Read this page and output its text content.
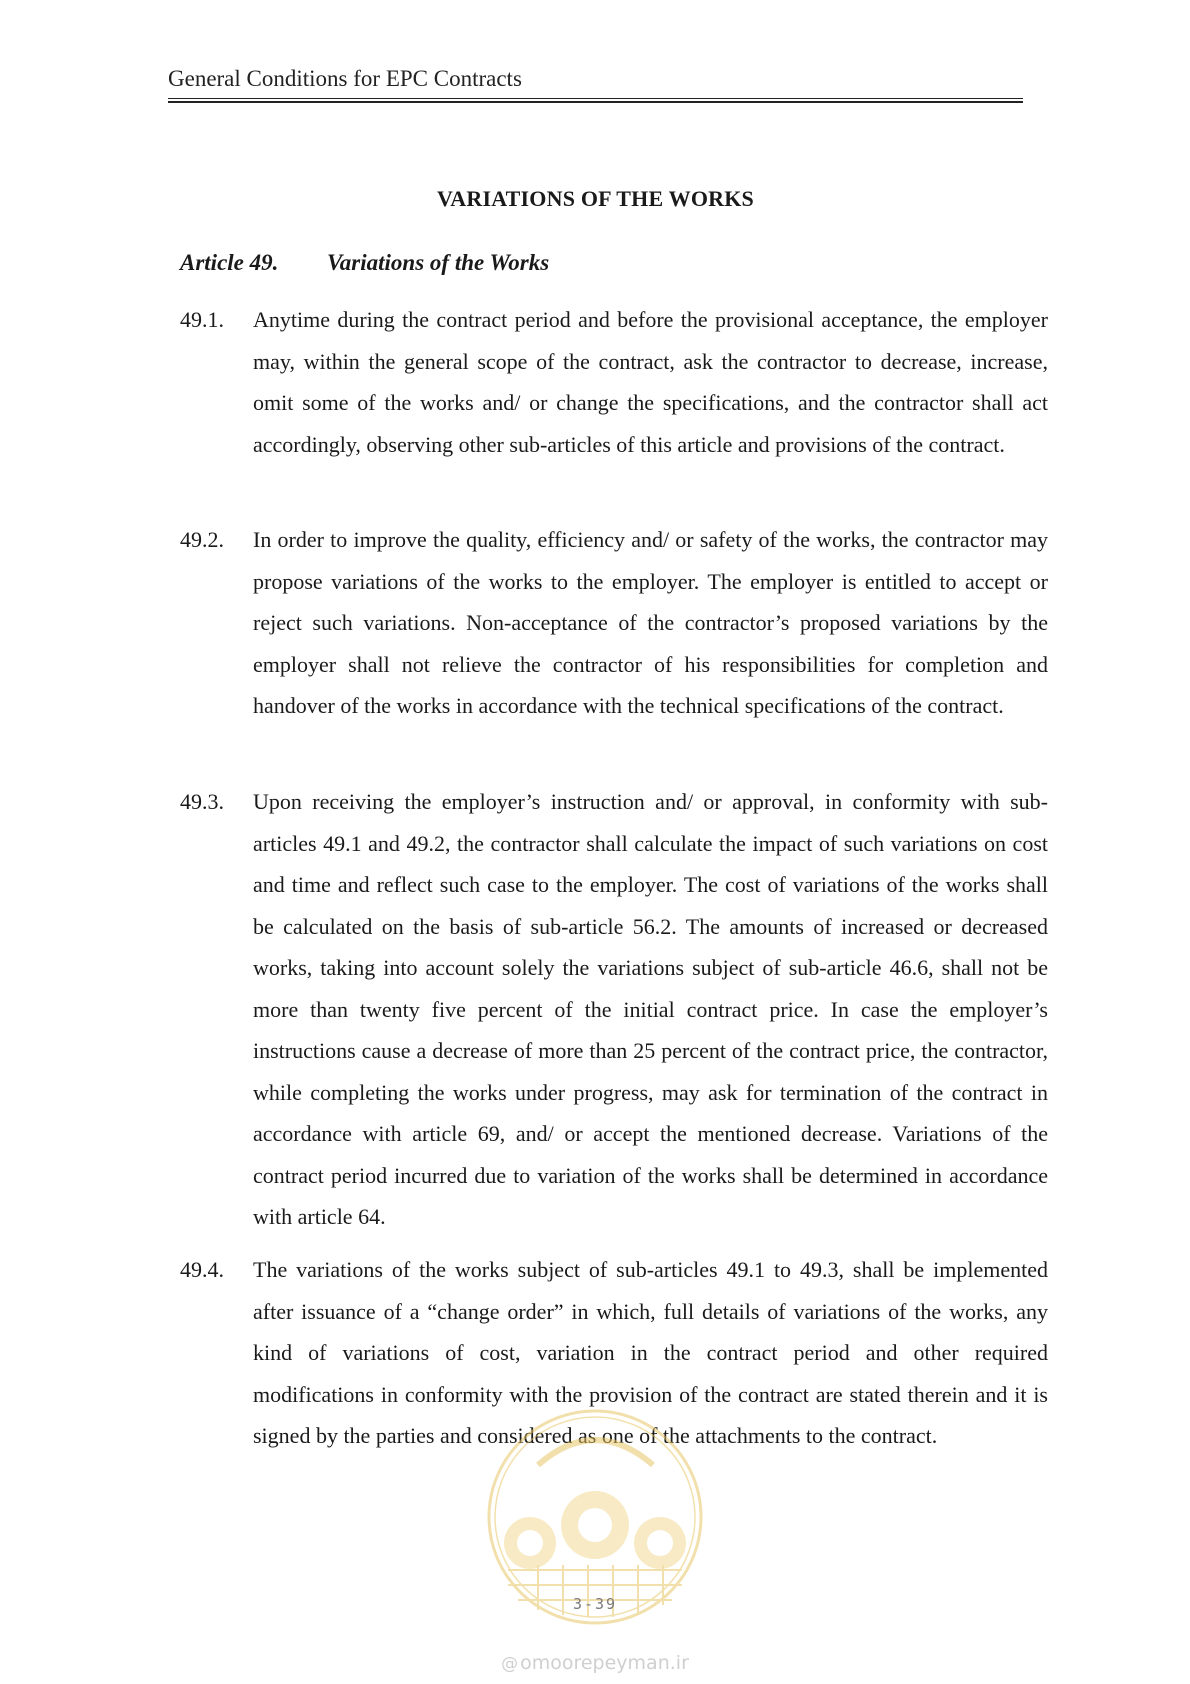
General Conditions for EPC Contracts
VARIATIONS OF THE WORKS
Article 49. Variations of the Works
49.1. Anytime during the contract period and before the provisional acceptance, the employer may, within the general scope of the contract, ask the contractor to decrease, increase, omit some of the works and/ or change the specifications, and the contractor shall act accordingly, observing other sub-articles of this article and provisions of the contract.
49.2. In order to improve the quality, efficiency and/ or safety of the works, the contractor may propose variations of the works to the employer. The employer is entitled to accept or reject such variations. Non-acceptance of the contractor’s proposed variations by the employer shall not relieve the contractor of his responsibilities for completion and handover of the works in accordance with the technical specifications of the contract.
49.3. Upon receiving the employer’s instruction and/ or approval, in conformity with sub-articles 49.1 and 49.2, the contractor shall calculate the impact of such variations on cost and time and reflect such case to the employer. The cost of variations of the works shall be calculated on the basis of sub-article 56.2. The amounts of increased or decreased works, taking into account solely the variations subject of sub-article 46.6, shall not be more than twenty five percent of the initial contract price. In case the employer’s instructions cause a decrease of more than 25 percent of the contract price, the contractor, while completing the works under progress, may ask for termination of the contract in accordance with article 69, and/ or accept the mentioned decrease. Variations of the contract period incurred due to variation of the works shall be determined in accordance with article 64.
49.4. The variations of the works subject of sub-articles 49.1 to 49.3, shall be implemented after issuance of a “change order” in which, full details of variations of the works, any kind of variations of cost, variation in the contract period and other required modifications in conformity with the provision of the contract are stated therein and it is signed by the parties and considered as one of the attachments to the contract.
3-39
@ omoorepeyman.ir
